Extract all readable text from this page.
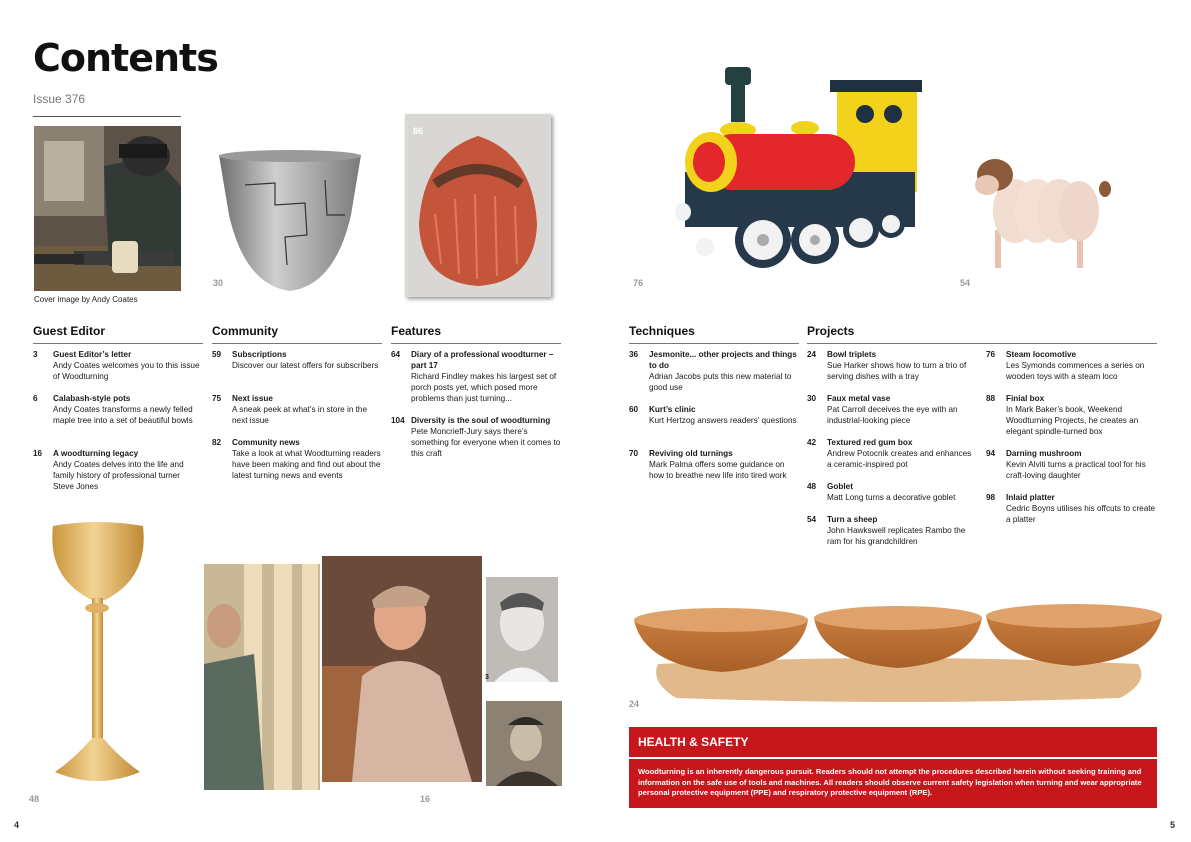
Contents
Issue 376
Cover image by Andy Coates
30
86
76	54
Guest Editor
3 Guest Editor’s letter
Andy Coates welcomes you to this issue of Woodturning
6 Calabash-style pots
Andy Coates transforms a newly felled maple tree into a set of beautiful bowls
16 A woodturning legacy
Andy Coates delves into the life and family history of professional turner Steve Jones
Community
59 Subscriptions
Discover our latest offers for subscribers
75 Next issue
A sneak peek at what’s in store in the next issue
82 Community news
Take a look at what Woodturning readers have been making and find out about the latest turning news and events
Features
64 Diary of a professional woodturner – part 17
Richard Findley makes his largest set of porch posts yet, which posed more problems than just turning...
104 Diversity is the soul of woodturning
Pete Moncrieff-Jury says there’s something for everyone when it comes to this craft
Techniques
36 Jesmonite... other projects and things to do
Adrian Jacobs puts this new material to good use
60 Kurt’s clinic
Kurt Hertzog answers readers’ questions
70 Reviving old turnings
Mark Palma offers some guidance on how to breathe new life into tired work
Projects
24 Bowl triplets
Sue Harker shows how to turn a trio of serving dishes with a tray
30 Faux metal vase
Pat Carroll deceives the eye with an industrial-looking piece
42 Textured red gum box
Andrew Potocnik creates and enhances a ceramic-inspired pot
48 Goblet
Matt Long turns a decorative goblet
54 Turn a sheep
John Hawkswell replicates Rambo the ram for his grandchildren
76 Steam locomotive
Les Symonds commences a series on wooden toys with a steam loco
88 Finial box
In Mark Baker’s book, Weekend Woodturning Projects, he creates an elegant spindle-turned box
94 Darning mushroom
Kevin Alviti turns a practical tool for his craft-loving daughter
98 Inlaid platter
Cedric Boyns utilises his offcuts to create a platter
48
3
16
24
HEALTH & SAFETY
Woodturning is an inherently dangerous pursuit. Readers should not attempt the procedures described herein without seeking training and information on the safe use of tools and machines. All readers should observe current safety legislation when turning and wear appropriate personal protective equipment (PPE) and respiratory protective equipment (RPE).
4	5
